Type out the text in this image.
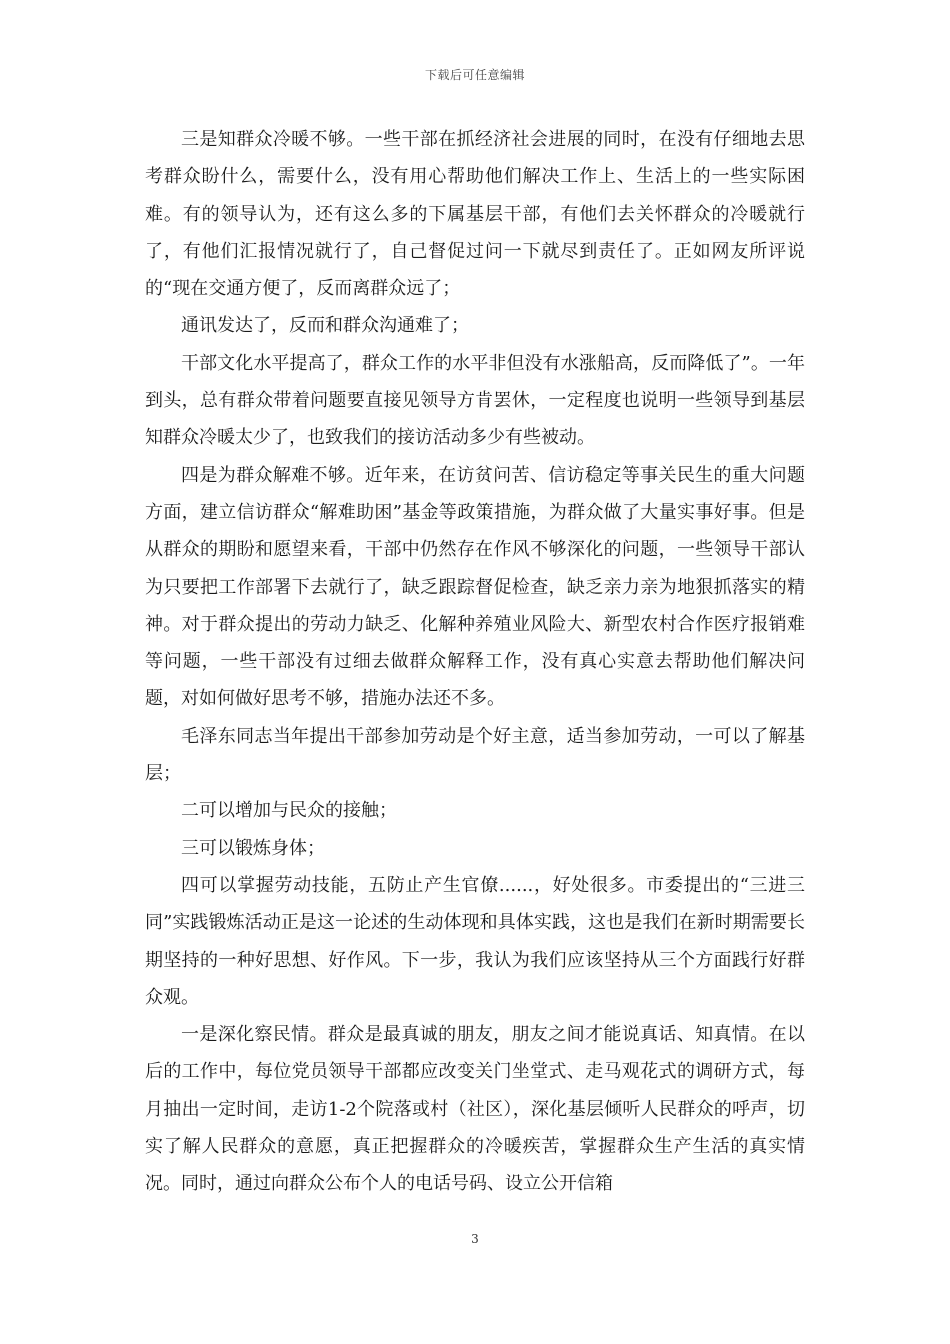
下载后可任意编辑

三是知群众冷暖不够。一些干部在抓经济社会进展的同时，在没有仔细地去思考群众盼什么，需要什么，没有用心帮助他们解决工作上、生活上的一些实际困难。有的领导认为，还有这么多的下属基层干部，有他们去关怀群众的冷暖就行了，有他们汇报情况就行了，自己督促过问一下就尽到责任了。正如网友所评说的“现在交通方便了，反而离群众远了；

通讯发达了，反而和群众沟通难了；

干部文化水平提高了，群众工作的水平非但没有水涨船高，反而降低了”。一年到头，总有群众带着问题要直接见领导方肯罢休，一定程度也说明一些领导到基层知群众冷暖太少了，也致我们的接访活动多少有些被动。

四是为群众解难不够。近年来，在访贫问苦、信访稳定等事关民生的重大问题方面，建立信访群众“解难助困”基金等政策措施，为群众做了大量实事好事。但是从群众的期盼和愿望来看，干部中仍然存在作风不够深化的问题，一些领导干部认为只要把工作部署下去就行了，缺乏跟踪督促检查，缺乏亲力亲为地狠抓落实的精神。对于群众提出的劳动力缺乏、化解种养殖业风险大、新型农村合作医疗报销难等问题，一些干部没有过细去做群众解释工作，没有真心实意去帮助他们解决问题，对如何做好思考不够，措施办法还不多。

毛泽东同志当年提出干部参加劳动是个好主意，适当参加劳动，一可以了解基层；

二可以增加与民众的接触；

三可以锻炼身体；

四可以掌握劳动技能，五防止产生官僚......，好处很多。市委提出的“三进三同”实践锻炼活动正是这一论述的生动体现和具体实践，这也是我们在新时期需要长期坚持的一种好思想、好作风。下一步，我认为我们应该坚持从三个方面践行好群众观。

一是深化察民情。群众是最真诚的朋友，朋友之间才能说真话、知真情。在以后的工作中，每位党员领导干部都应改变关门坐堂式、走马观花式的调研方式，每月抽出一定时间，走访1-2个院落或村（社区），深化基层倾听人民群众的呼声，切实了解人民群众的意愿，真正把握群众的冷暖疾苦，掌握群众生产生活的真实情况。同时，通过向群众公布个人的电话号码、设立公开信箱

3
